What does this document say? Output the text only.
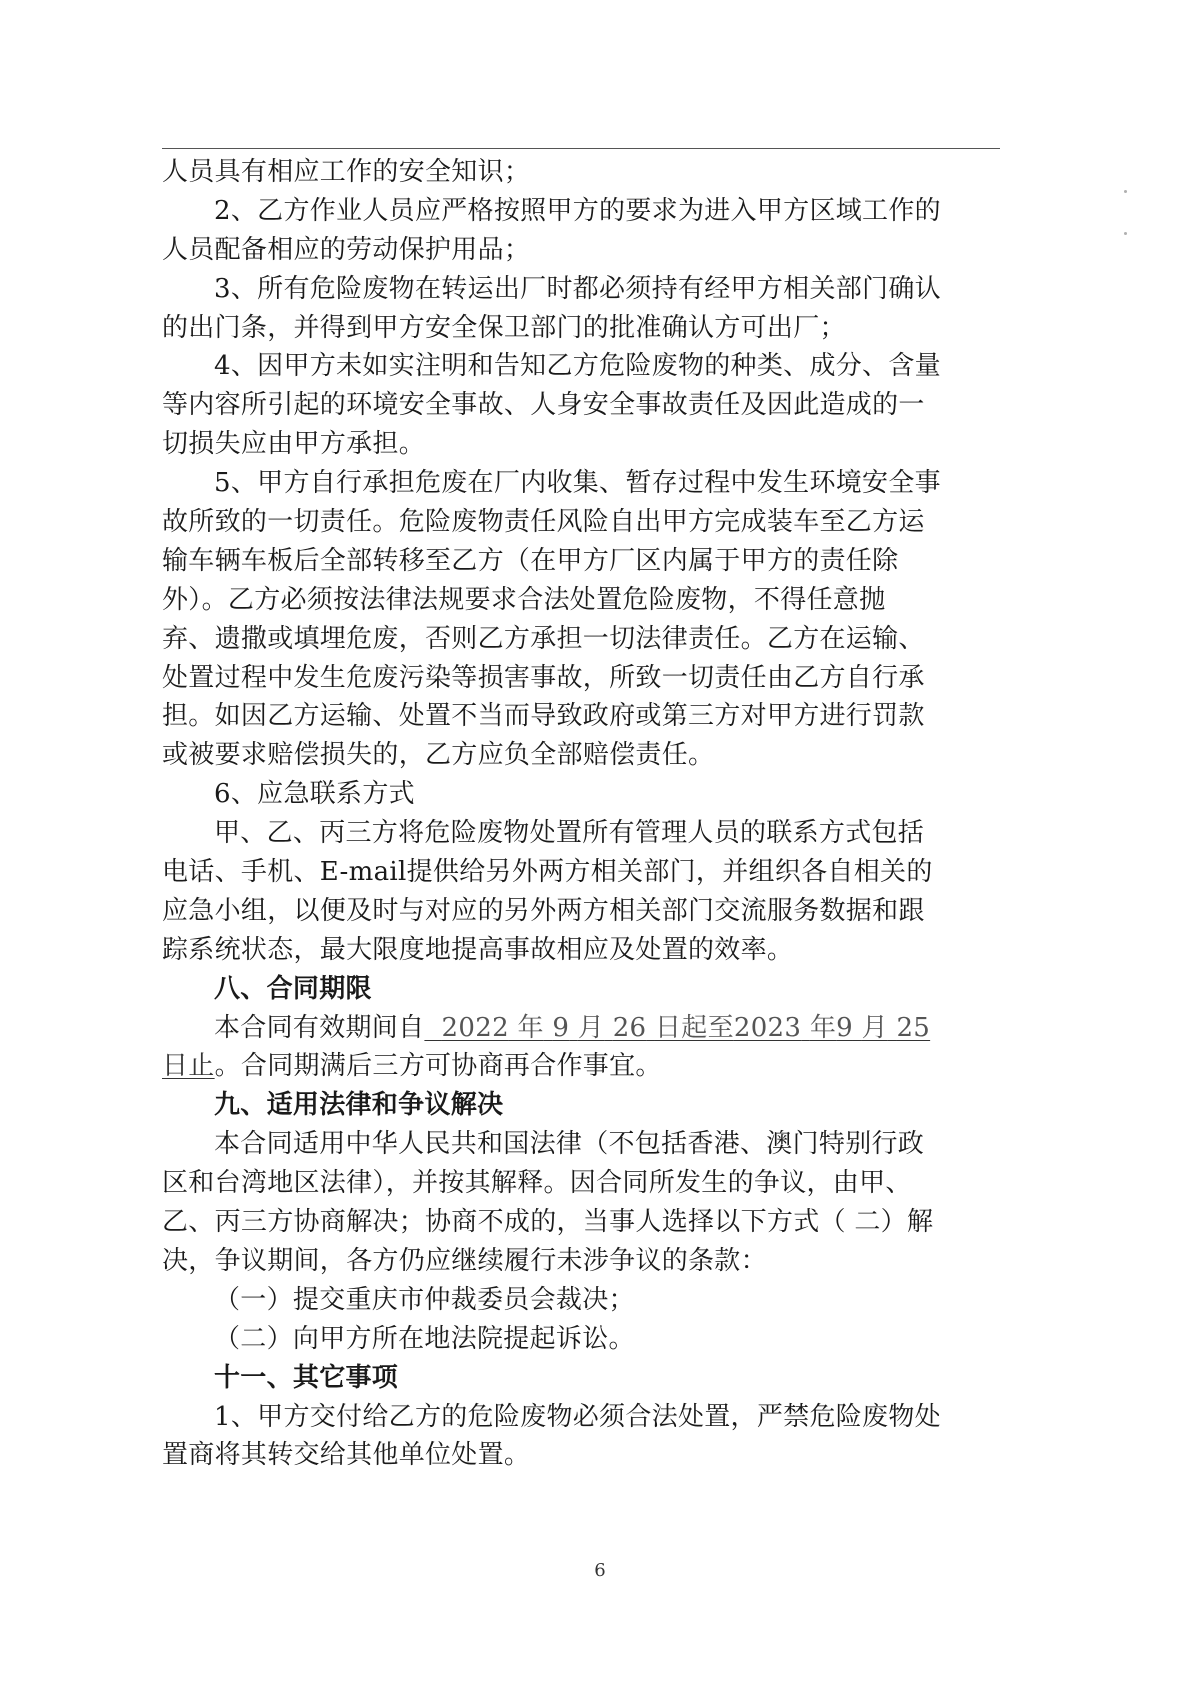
人员具有相应工作的安全知识；
2、乙方作业人员应严格按照甲方的要求为进入甲方区域工作的
人员配备相应的劳动保护用品；
3、所有危险废物在转运出厂时都必须持有经甲方相关部门确认
的出门条，并得到甲方安全保卫部门的批准确认方可出厂；
4、因甲方未如实注明和告知乙方危险废物的种类、成分、含量
等内容所引起的环境安全事故、人身安全事故责任及因此造成的一
切损失应由甲方承担。
5、甲方自行承担危废在厂内收集、暂存过程中发生环境安全事
故所致的一切责任。危险废物责任风险自出甲方完成装车至乙方运
输车辆车板后全部转移至乙方（在甲方厂区内属于甲方的责任除
外）。乙方必须按法律法规要求合法处置危险废物，不得任意抛
弃、遗撒或填埋危废，否则乙方承担一切法律责任。乙方在运输、
处置过程中发生危废污染等损害事故，所致一切责任由乙方自行承
担。如因乙方运输、处置不当而导致政府或第三方对甲方进行罚款
或被要求赔偿损失的，乙方应负全部赔偿责任。
6、应急联系方式
甲、乙、丙三方将危险废物处置所有管理人员的联系方式包括
电话、手机、E-mail提供给另外两方相关部门，并组织各自相关的
应急小组，以便及时与对应的另外两方相关部门交流服务数据和跟
踪系统状态，最大限度地提高事故相应及处置的效率。
八、合同期限
本合同有效期间自 2022 年 9 月 26 日起至2023 年9 月 25
日止。合同期满后三方可协商再合作事宜。
九、适用法律和争议解决
本合同适用中华人民共和国法律（不包括香港、澳门特别行政
区和台湾地区法律），并按其解释。因合同所发生的争议，由甲、
乙、丙三方协商解决；协商不成的，当事人选择以下方式（ 二）解
决，争议期间，各方仍应继续履行未涉争议的条款：
（一）提交重庆市仲裁委员会裁决；
（二）向甲方所在地法院提起诉讼。
十一、其它事项
1、甲方交付给乙方的危险废物必须合法处置，严禁危险废物处
置商将其转交给其他单位处置。
6
